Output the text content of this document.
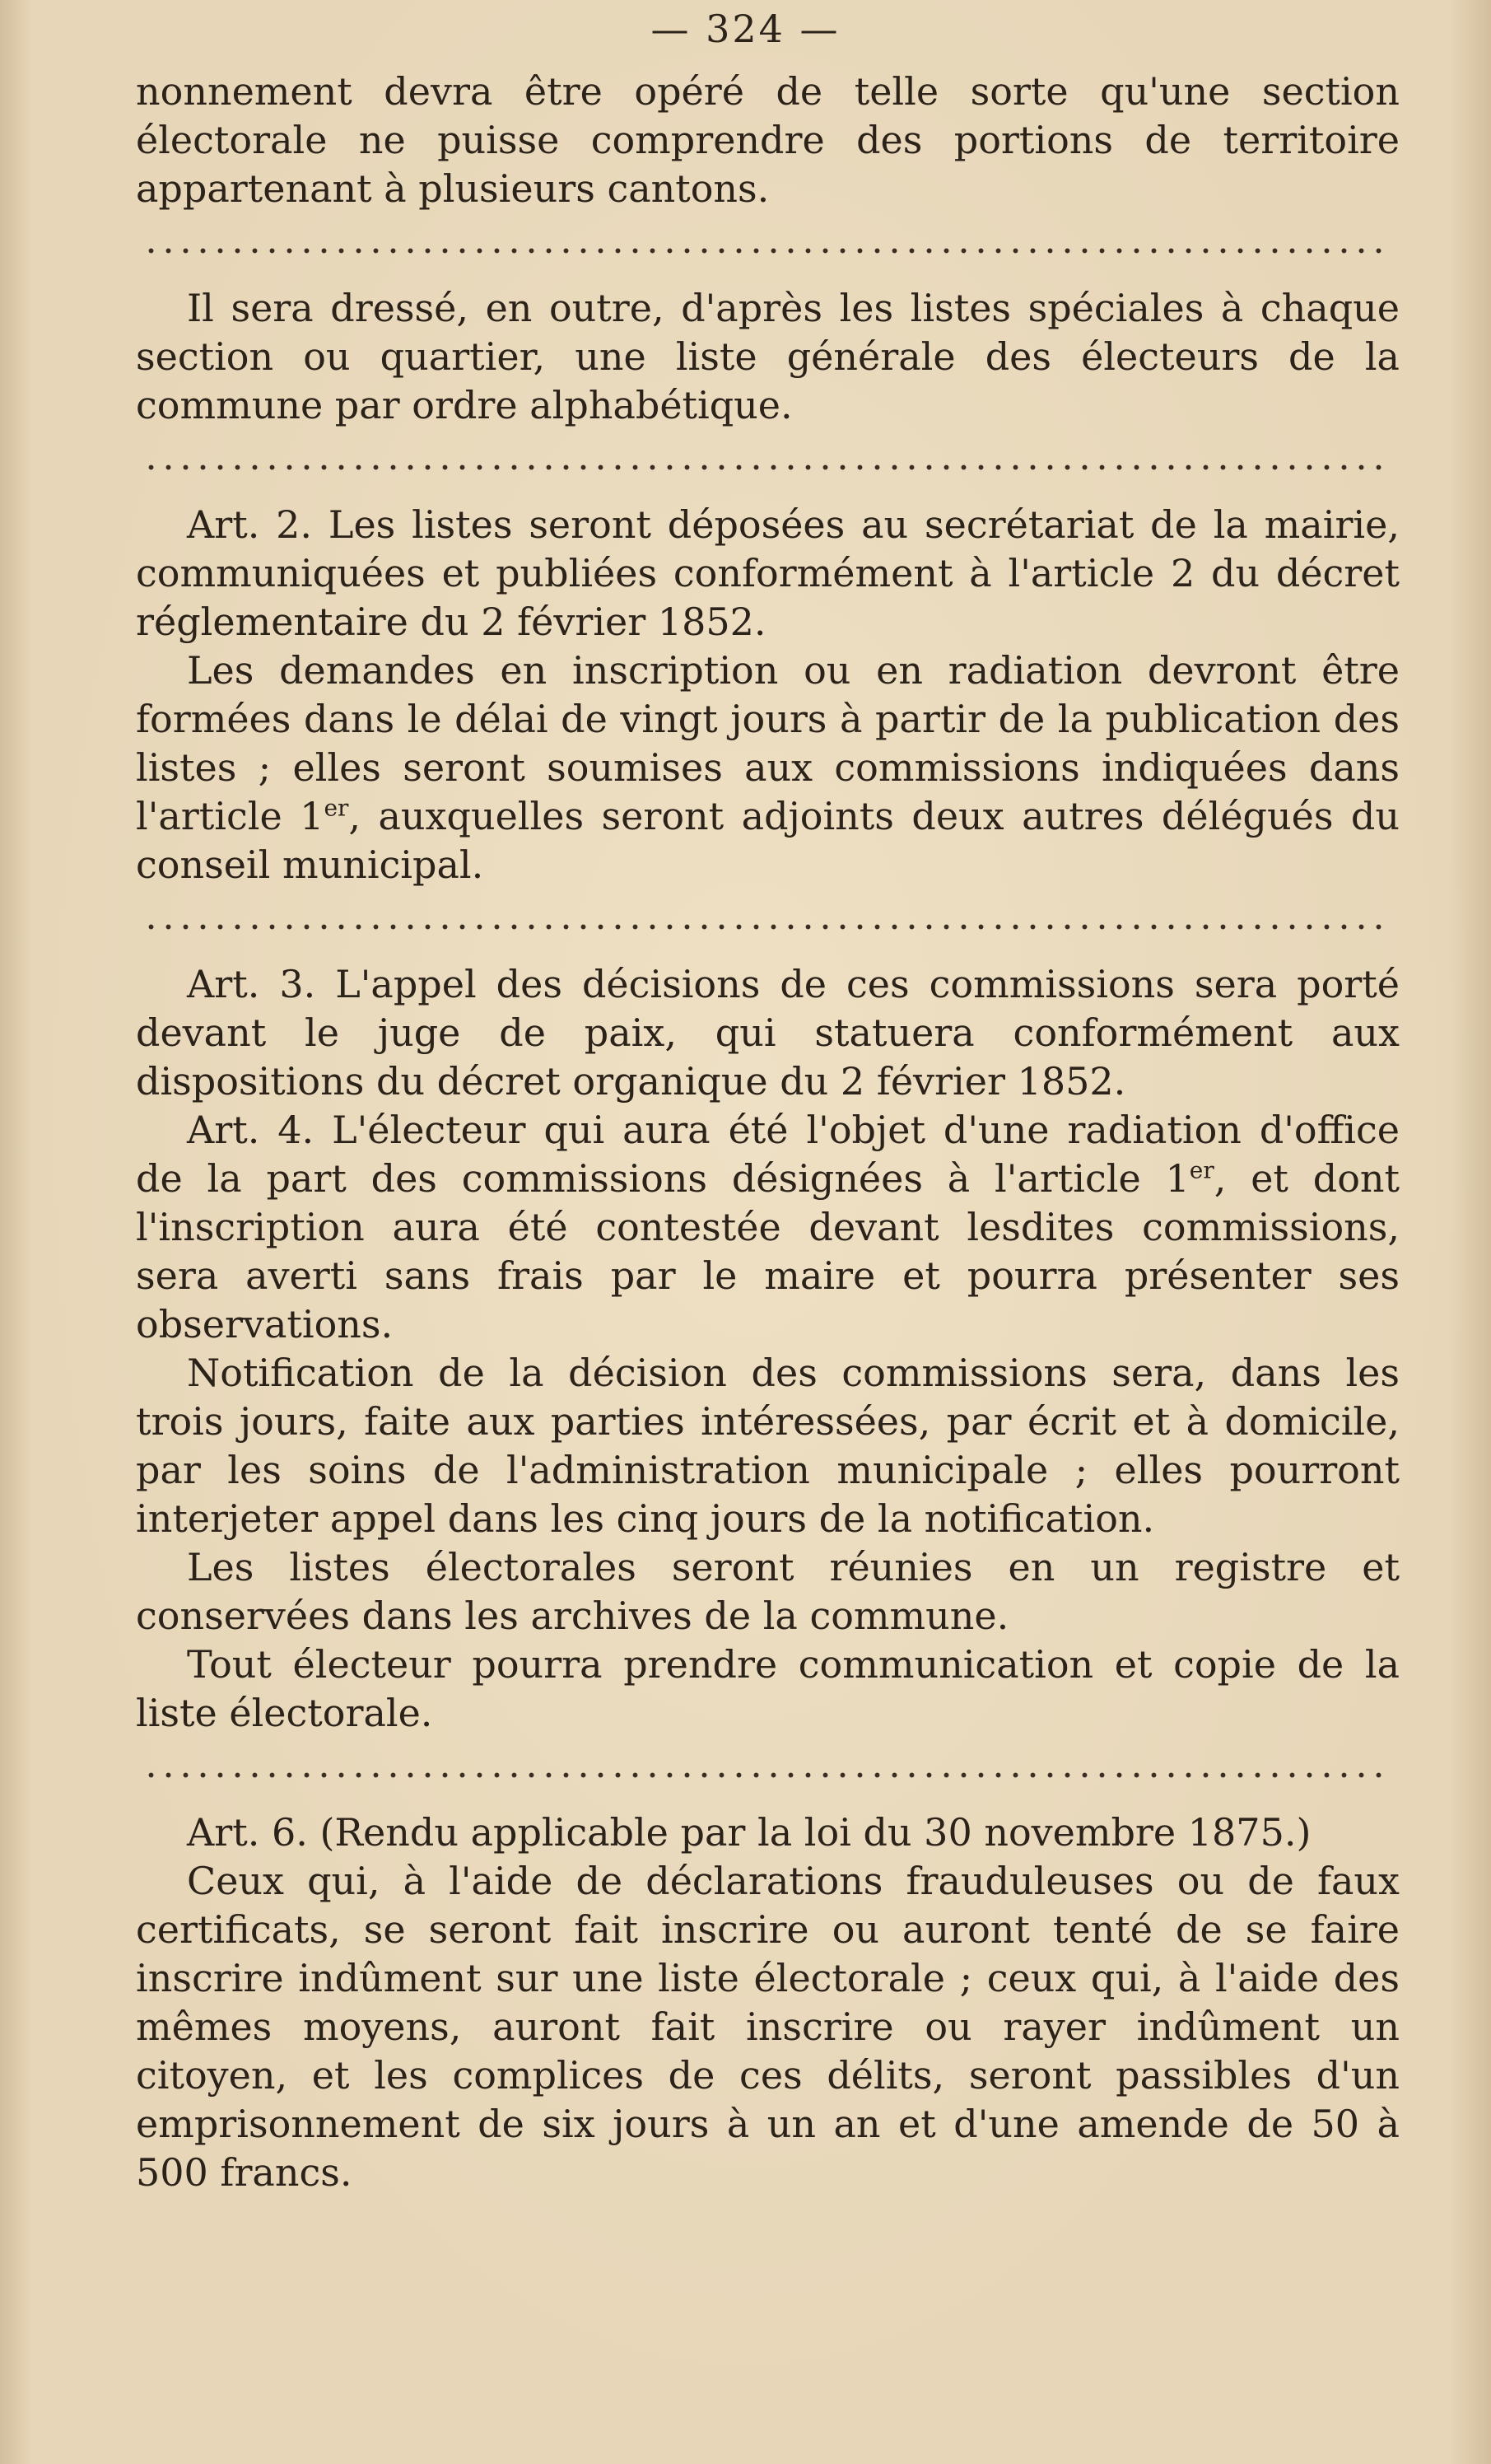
— 324 —

nonnement devra être opéré de telle sorte qu'une section électorale ne puisse comprendre des portions de territoire appartenant à plusieurs cantons.

Il sera dressé, en outre, d'après les listes spéciales à chaque section ou quartier, une liste générale des électeurs de la commune par ordre alphabétique.

Art. 2. Les listes seront déposées au secrétariat de la mairie, communiquées et publiées conformément à l'article 2 du décret réglementaire du 2 février 1852.

Les demandes en inscription ou en radiation devront être formées dans le délai de vingt jours à partir de la publication des listes ; elles seront soumises aux commissions indiquées dans l'article 1er, auxquelles seront adjoints deux autres délégués du conseil municipal.

Art. 3. L'appel des décisions de ces commissions sera porté devant le juge de paix, qui statuera conformément aux dispositions du décret organique du 2 février 1852.

Art. 4. L'électeur qui aura été l'objet d'une radiation d'office de la part des commissions désignées à l'article 1er, et dont l'inscription aura été contestée devant lesdites commissions, sera averti sans frais par le maire et pourra présenter ses observations.

Notification de la décision des commissions sera, dans les trois jours, faite aux parties intéressées, par écrit et à domicile, par les soins de l'administration municipale ; elles pourront interjeter appel dans les cinq jours de la notification.

Les listes électorales seront réunies en un registre et conservées dans les archives de la commune.

Tout électeur pourra prendre communication et copie de la liste électorale.

Art. 6. (Rendu applicable par la loi du 30 novembre 1875.)

Ceux qui, à l'aide de déclarations frauduleuses ou de faux certificats, se seront fait inscrire ou auront tenté de se faire inscrire indûment sur une liste électorale ; ceux qui, à l'aide des mêmes moyens, auront fait inscrire ou rayer indûment un citoyen, et les complices de ces délits, seront passibles d'un emprisonnement de six jours à un an et d'une amende de 50 à 500 francs.
